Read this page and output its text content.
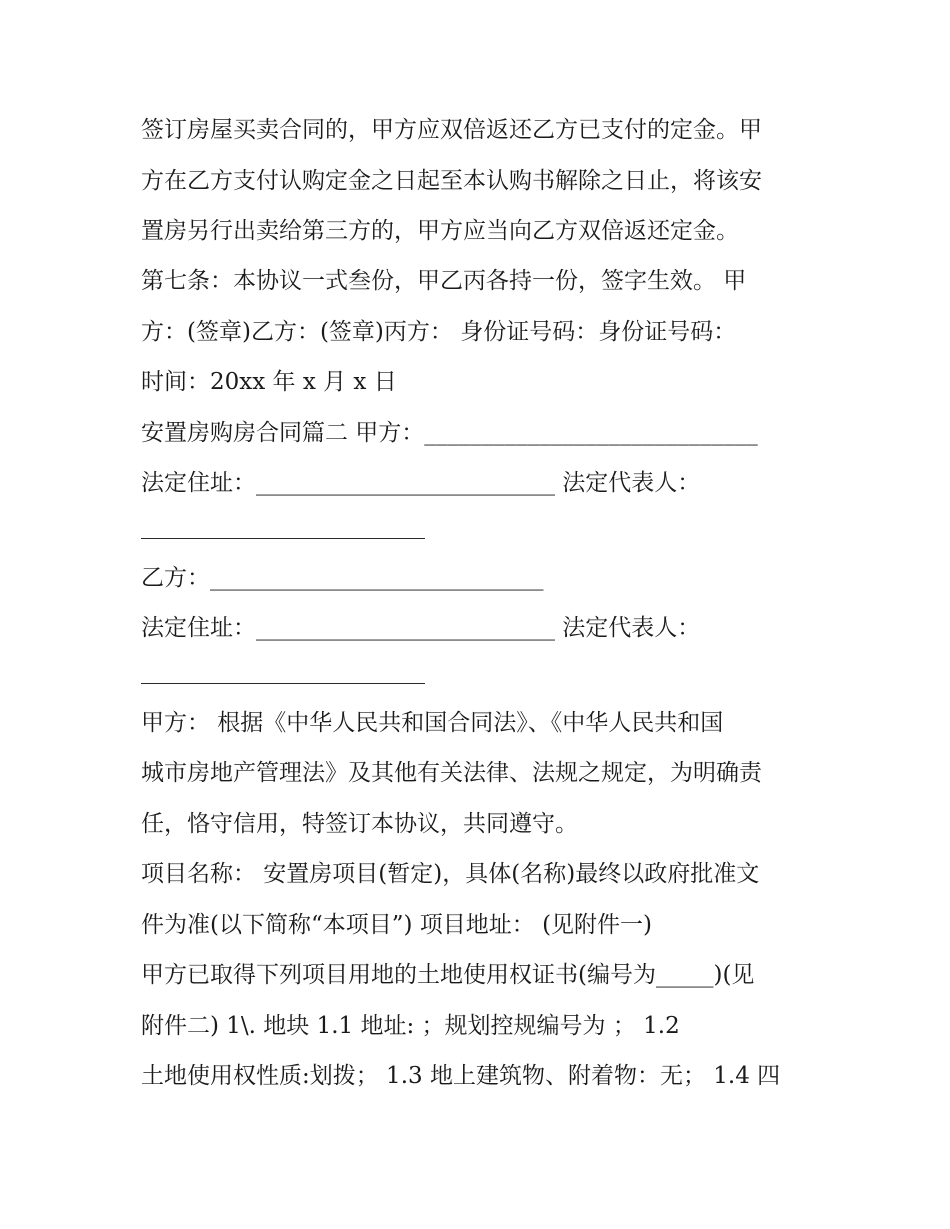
签订房屋买卖合同的，甲方应双倍返还乙方已支付的定金。甲
方在乙方支付认购定金之日起至本认购书解除之日止，将该安
置房另行出卖给第三方的，甲方应当向乙方双倍返还定金。
第七条：本协议一式叁份，甲乙丙各持一份，签字生效。 甲
方：(签章)乙方：(签章)丙方： 身份证号码：身份证号码：
时间：20xx 年 x 月 x 日
安置房购房合同篇二 甲方：_____________________________
法定住址：__________________________ 法定代表人：
乙方：_____________________________
法定住址：__________________________ 法定代表人：
甲方： 根据《中华人民共和国合同法》、《中华人民共和国
城市房地产管理法》及其他有关法律、法规之规定，为明确责
任，恪守信用，特签订本协议，共同遵守。
项目名称： 安置房项目(暂定)，具体(名称)最终以政府批准文
件为准(以下简称“本项目”) 项目地址： (见附件一)
甲方已取得下列项目用地的土地使用权证书(编号为_____)(见
附件二) 1\. 地块 1.1 地址: ；规划控规编号为 ； 1.2
土地使用权性质:划拨； 1.3 地上建筑物、附着物：无； 1.4 四
